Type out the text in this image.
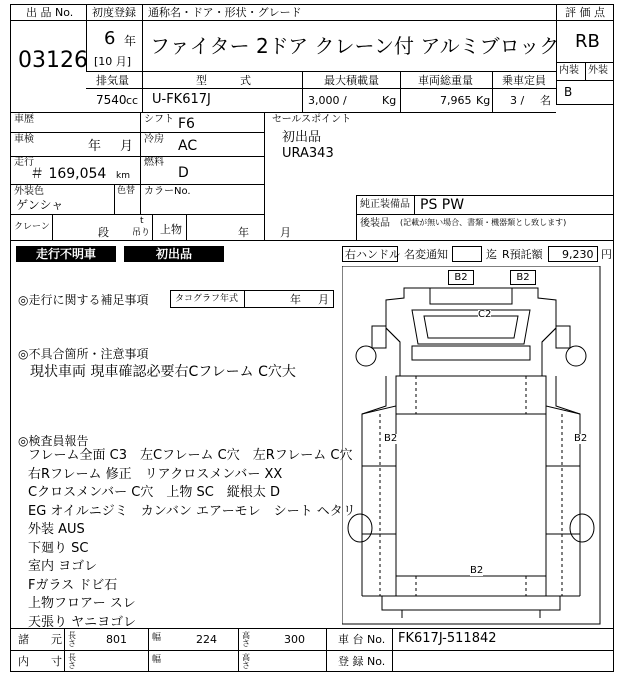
出 品 No. 初度登録 通称名・ドア・形状・グレード	評 価 点
03126
6 年
[10 月]
ファイター 2ドア クレーン付 アルミブロック RB
内装 外装
B
排気量	型　　　式	最大積載量	車両総重量	乗車定員
7540 cc U-FK617J	3,000 /	Kg	7,965 Kg 3 / 名
車歴	シフト F6
車検	年 月 冷房 AC
走行
＃ 169,054 km
燃料
D
セールスポイント
初出品
URA343
外装色
ゲンシャ
色替 カラーNo.
純正装備品 PS PW
後装品 (記載が無い場合、書類・機器類とし致します)
クレーン	段
t
吊り 上物	年	月
走行不明車	初出品	右ハンドル 名変通知	迄 R預託額 9,230 円
◎走行に関する補足事項	タコグラフ年式	年 月
◎不具合箇所・注意事項
現状車両 現車確認必要右Cフレーム C穴大
◎検査員報告
フレーム全面 C3　左Cフレーム C穴　左Rフレーム C穴
右Rフレーム 修正　リアクロスメンバー XX
Cクロスメンバー C穴　上物 SC　縦根太 D
EG オイルニジミ　カンバン エアーモレ　シート ヘタリ
外装 AUS
下廻り SC
室内 ヨゴレ
Fガラス ドビ石
上物フロアー スレ
天張り ヤニヨゴレ
B2	B2
C2
B2	B2
B2
諸　　元 長さ	801	幅	224	高さ	300	車 台 No. FK617J-511842
内　　寸 長さ
幅	高さ	登 録 No.
